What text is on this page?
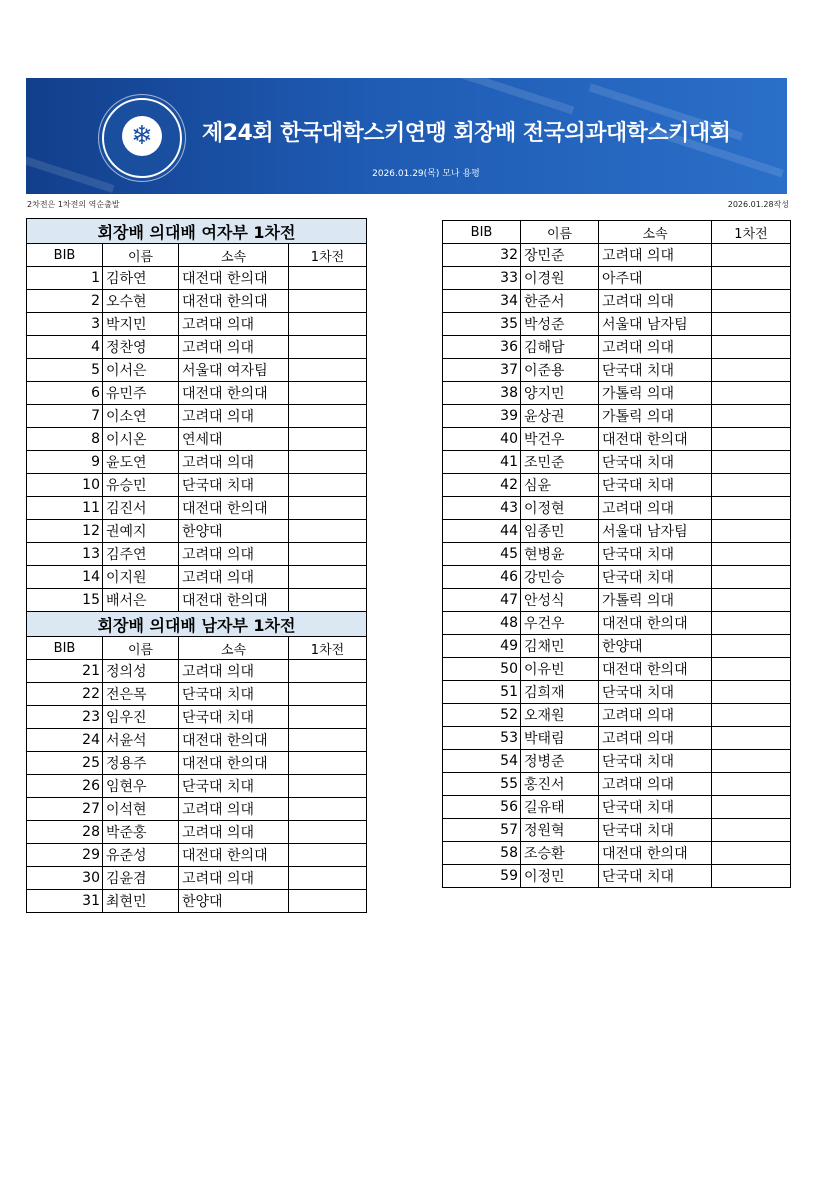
❄	제24회 한국대학스키연맹 회장배 전국의과대학스키대회
2026.01.29(목) 모나 용평
2차전은 1차전의 역순출발	2026.01.28작성
회장배 의대배 여자부 1차전			
BIB	이름	소속	1차전
1	김하연	대전대 한의대	
2	오수현	대전대 한의대	
3	박지민	고려대 의대	
4	정찬영	고려대 의대	
5	이서은	서울대 여자팀	
6	유민주	대전대 한의대	
7	이소연	고려대 의대	
8	이시온	연세대	
9	윤도연	고려대 의대	
10	유승민	단국대 치대	
11	김진서	대전대 한의대	
12	권예지	한양대	
13	김주연	고려대 의대	
14	이지원	고려대 의대	
15	배서은	대전대 한의대	
회장배 의대배 남자부 1차전			
BIB	이름	소속	1차전
21	정의성	고려대 의대	
22	전은목	단국대 치대	
23	임우진	단국대 치대	
24	서윤석	대전대 한의대	
25	정용주	대전대 한의대	
26	임현우	단국대 치대	
27	이석현	고려대 의대	
28	박준홍	고려대 의대	
29	유준성	대전대 한의대	
30	김윤겸	고려대 의대	
31	최현민	한양대	
BIB	이름	소속	1차전
32	장민준	고려대 의대	
33	이경원	아주대	
34	한준서	고려대 의대	
35	박성준	서울대 남자팀	
36	김해담	고려대 의대	
37	이준용	단국대 치대	
38	양지민	가톨릭 의대	
39	윤상권	가톨릭 의대	
40	박건우	대전대 한의대	
41	조민준	단국대 치대	
42	심윤	단국대 치대	
43	이정현	고려대 의대	
44	임종민	서울대 남자팀	
45	현병윤	단국대 치대	
46	강민승	단국대 치대	
47	안성식	가톨릭 의대	
48	우건우	대전대 한의대	
49	김채민	한양대	
50	이유빈	대전대 한의대	
51	김희재	단국대 치대	
52	오재원	고려대 의대	
53	박태림	고려대 의대	
54	정병준	단국대 치대	
55	홍진서	고려대 의대	
56	길유태	단국대 치대	
57	정원혁	단국대 치대	
58	조승환	대전대 한의대	
59	이정민	단국대 치대	
